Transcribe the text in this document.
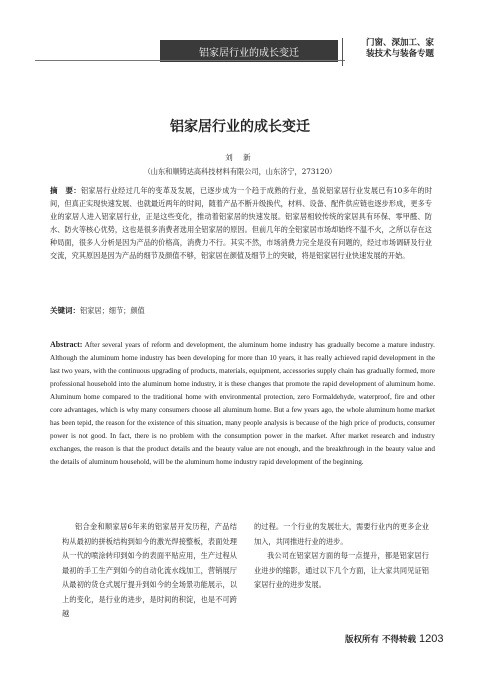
铝家居行业的成长变迁
门窗、深加工、家
装技术与装备专题
铝家居行业的成长变迁
刘 新
（山东和顺铸达高科技材料有限公司，山东济宁，273120）
摘　要：铝家居行业经过几年的变革及发展，已逐步成为一个趋于成熟的行业，虽说铝家居行业发展已有10多年的时间，但真正实现快速发展、也就最近两年的时间，随着产品不断升级换代，材料、设备、配件供应链也逐步形成，更多专业的家居人进入铝家居行业，正是这些变化，推动着铝家居的快速发展。铝家居相较传统的家居具有环保、零甲醛、防水、防火等核心优势，这也是很多消费者选用全铝家居的原因。但前几年的全铝家居市场却始终不温不火，之所以存在这种局面，很多人分析是因为产品的价格高，消费力不行。其实不然，市场消费力完全是没有问题的，经过市场调研及行业交流，究其原因是因为产品的细节及颜值不够，铝家居在颜值及细节上的突破，将是铝家居行业快速发展的开始。
关键词：铝家居；细节；颜值
Abstract: After several years of reform and development, the aluminum home industry has gradually become a mature industry. Although the aluminum home industry has been developing for more than 10 years, it has really achieved rapid development in the last two years, with the continuous upgrading of products, materials, equipment, accessories supply chain has gradually formed, more professional household into the aluminum home industry, it is these changes that promote the rapid development of aluminum home. Aluminum home compared to the traditional home with environmental protection, zero Formaldehyde, waterproof, fire and other core advantages, which is why many consumers choose all aluminum home. But a few years ago, the whole aluminum home market has been tepid, the reason for the existence of this situation, many people analysis is because of the high price of products, consumer power is not good. In fact, there is no problem with the consumption power in the market. After market research and industry exchanges, the reason is that the product details and the beauty value are not enough, and the breakthrough in the beauty value and the details of aluminum household, will be the aluminum home industry rapid development of the beginning.

铝合金和顺家居6年来的铝家居开发历程，产品结构从最初的拼板结构到如今的激光焊接整板，表面处理从一代的喷涂转印到如今的表面平贴应用，生产过程从最初的手工生产到如今的自动化流水线加工，营销展厅从最初的货仓式展厅提升到如今的全场景功能展示，以上的变化，是行业的进步，是时间的积淀，也是不可跨越

的过程。一个行业的发展壮大，需要行业内的更多企业加入，共同推进行业的进步。

我公司在铝家居方面的每一点提升，都是铝家居行业进步的缩影，通过以下几个方面，让大家共同见证铝家居行业的进步发展。

版权所有 不得转载 1203
